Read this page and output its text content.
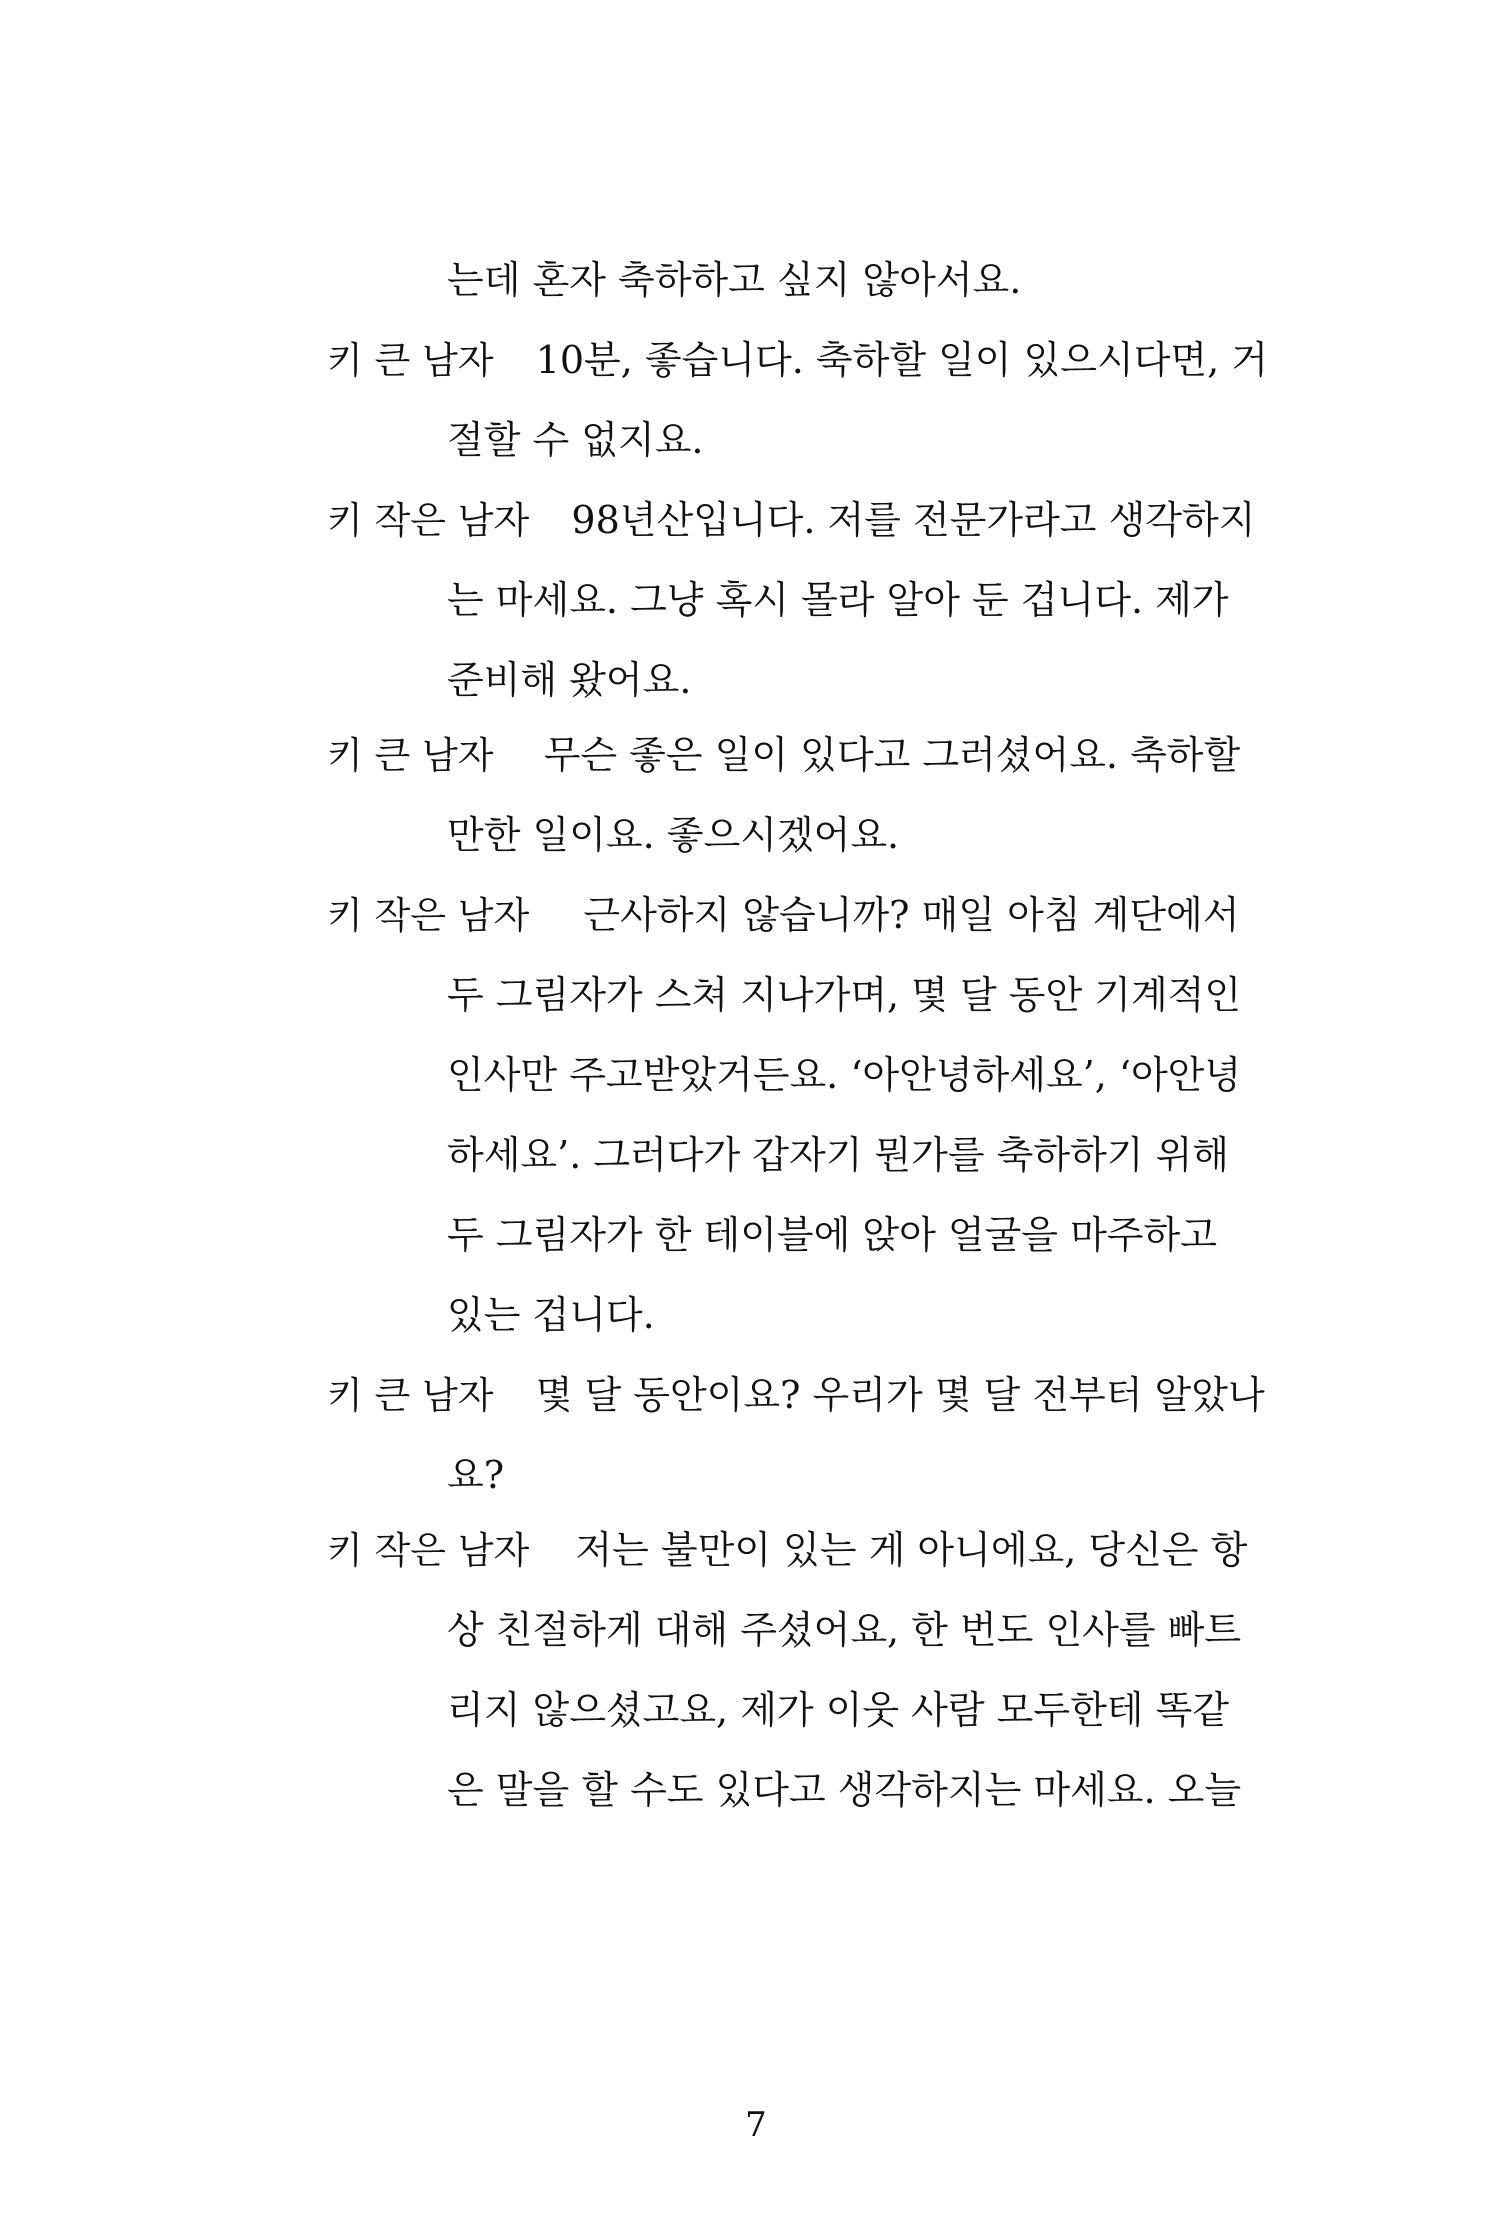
는데 혼자 축하하고 싶지 않아서요.
키 큰 남자 10분, 좋습니다. 축하할 일이 있으시다면, 거
절할 수 없지요.
키 작은 남자 98년산입니다. 저를 전문가라고 생각하지
는 마세요. 그냥 혹시 몰라 알아 둔 겁니다. 제가
준비해 왔어요.
키 큰 남자 무슨 좋은 일이 있다고 그러셨어요. 축하할
만한 일이요. 좋으시겠어요.
키 작은 남자 근사하지 않습니까? 매일 아침 계단에서
두 그림자가 스쳐 지나가며, 몇 달 동안 기계적인
인사만 주고받았거든요. ‘아안녕하세요’, ‘아안녕
하세요’. 그러다가 갑자기 뭔가를 축하하기 위해
두 그림자가 한 테이블에 앉아 얼굴을 마주하고
있는 겁니다.
키 큰 남자 몇 달 동안이요? 우리가 몇 달 전부터 알았나
요?
키 작은 남자 저는 불만이 있는 게 아니에요, 당신은 항
상 친절하게 대해 주셨어요, 한 번도 인사를 빠트
리지 않으셨고요, 제가 이웃 사람 모두한테 똑같
은 말을 할 수도 있다고 생각하지는 마세요. 오늘
7
